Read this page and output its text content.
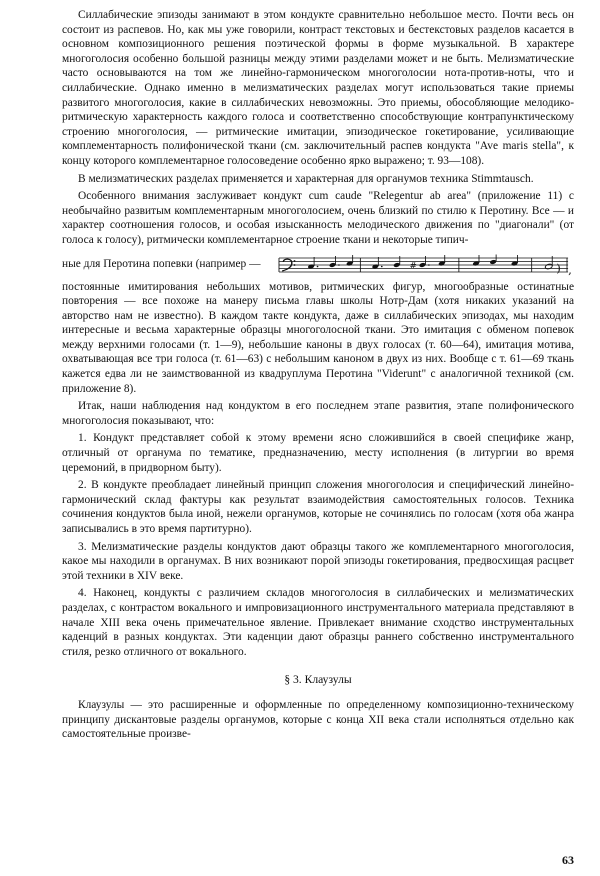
Силлабические эпизоды занимают в этом кондукте сравнительно небольшое место. Почти весь он состоит из распевов. Но, как мы уже говорили, контраст текстовых и бестекстовых разделов касается в основном композиционного решения поэтической формы в форме музыкальной. В характере многоголосия особенно большой разницы между этими разделами может и не быть. Мелизматические часто основываются на том же линейно-гармоническом многоголосии нота-против-ноты, что и силлабические. Однако именно в мелизматических разделах могут использоваться такие приемы развитого многоголосия, какие в силлабических невозможны. Это приемы, обособляющие мелодико-ритмическую характерность каждого голоса и соответственно способствующие контрапунктическому строению многоголосия, — ритмические имитации, эпизодическое гокетирование, усиливающие комплементарность полифонической ткани (см. заключительный распев кондукта "Ave maris stella", к концу которого комплементарное голосоведение особенно ярко выражено; т. 93—108).

В мелизматических разделах применяется и характерная для органумов техника Stimmtausch.

Особенного внимания заслуживает кондукт cum caude "Relegentur ab area" (приложение 11) с необычайно развитым комплементарным многоголосием, очень близкий по стилю к Перотину. Все — и характер соотношения голосов, и особая изысканность мелодического движения по "диагонали" (от голоса к голосу), ритмически комплементарное строение ткани и некоторые типич-

ные для Перотина попевки (например —	#	) ,

постоянные имитирования небольших мотивов, ритмических фигур, многообразные остинатные повторения — все похоже на манеру письма главы школы Нотр-Дам (хотя никаких указаний на авторство нам не известно). В каждом такте кондукта, даже в силлабических эпизодах, мы находим интересные и весьма характерные образцы многоголосной ткани. Это имитация с обменом попевок между верхними голосами (т. 1—9), небольшие каноны в двух голосах (т. 60—64), имитация мотива, охватывающая все три голоса (т. 61—63) с небольшим каноном в двух из них. Вообще с т. 61—69 ткань кажется едва ли не заимствованной из квадруплума Перотина "Viderunt" с аналогичной техникой (см. приложение 8).

Итак, наши наблюдения над кондуктом в его последнем этапе развития, этапе полифонического многоголосия показывают, что:

1. Кондукт представляет собой к этому времени ясно сложившийся в своей специфике жанр, отличный от органума по тематике, предназначению, месту исполнения (в литургии во время церемоний, в придворном быту).

2. В кондукте преобладает линейный принцип сложения многоголосия и специфический линейно-гармонический склад фактуры как результат взаимодействия самостоятельных голосов. Техника сочинения кондуктов была иной, нежели органумов, которые не сочинялись по голосам (хотя оба жанра записывались в это время партитурно).

3. Мелизматические разделы кондуктов дают образцы такого же комплементарного многоголосия, какое мы находили в органумах. В них возникают порой эпизоды гокетирования, предвосхищая расцвет этой техники в XIV веке.

4. Наконец, кондукты с различием складов многоголосия в силлабических и мелизматических разделах, с контрастом вокального и импровизационного инструментального материала представляют в начале XIII века очень примечательное явление. Привлекает внимание сходство инструментальных каденций в разных кондуктах. Эти каденции дают образцы раннего собственно инструментального стиля, резко отличного от вокального.

§ 3. Клаузулы

Клаузулы — это расширенные и оформленные по определенному композиционно-техническому принципу дискантовые разделы органумов, которые с конца XII века стали исполняться отдельно как самостоятельные произве-

63
